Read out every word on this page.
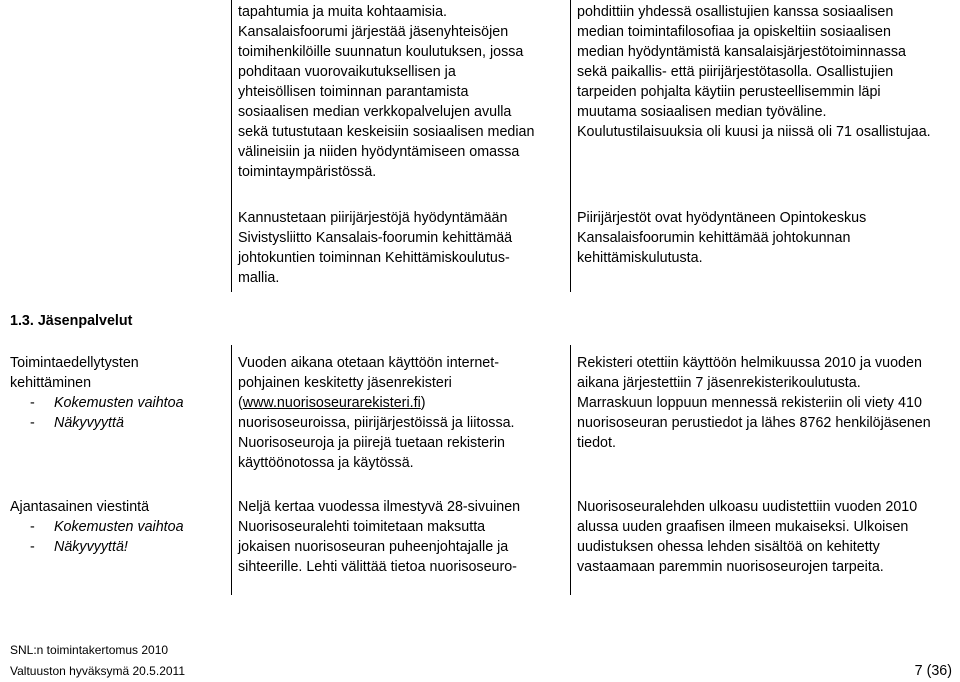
tapahtumia ja muita kohtaamisia.

Kansalaisfoorumi järjestää jäsenyhteisöjen

toimihenkilöille suunnatun koulutuksen, jossa

pohditaan vuorovaikutuksellisen ja

yhteisöllisen toiminnan parantamista

sosiaalisen median verkkopalvelujen avulla

sekä tutustutaan keskeisiin sosiaalisen median

välineisiin ja niiden hyödyntämiseen omassa

toimintaympäristössä.

pohdittiin yhdessä osallistujien kanssa sosiaalisen

median toimintafilosofiaa ja opiskeltiin sosiaalisen

median hyödyntämistä kansalaisjärjestötoiminnassa

sekä paikallis- että piirijärjestötasolla. Osallistujien

tarpeiden pohjalta käytiin perusteellisemmin läpi

muutama sosiaalisen median työväline.

Koulutustilaisuuksia oli kuusi ja niissä oli 71 osallistujaa.

Kannustetaan piirijärjestöjä hyödyntämään

Sivistysliitto Kansalais-foorumin kehittämää

johtokuntien toiminnan Kehittämiskoulutus-

mallia.

Piirijärjestöt ovat hyödyntäneen Opintokeskus

Kansalaisfoorumin kehittämää johtokunnan

kehittämiskulutusta.

1.3. Jäsenpalvelut

Toimintaedellytysten

kehittäminen

- Kokemusten vaihtoa

- Näkyvyyttä

Vuoden aikana otetaan käyttöön internet-

pohjainen keskitetty jäsenrekisteri

(www.nuorisoseurarekisteri.fi)

nuorisoseuroissa, piirijärjestöissä ja liitossa.

Nuorisoseuroja ja piirejä tuetaan rekisterin

käyttöönotossa ja käytössä.

Rekisteri otettiin käyttöön helmikuussa 2010 ja vuoden

aikana järjestettiin 7 jäsenrekisterikoulutusta.

Marraskuun loppuun mennessä rekisteriin oli viety 410

nuorisoseuran perustiedot ja lähes 8762 henkilöjäsenen

tiedot.

Ajantasainen viestintä

- Kokemusten vaihtoa

- Näkyvyyttä!

Neljä kertaa vuodessa ilmestyvä 28-sivuinen

Nuorisoseuralehti toimitetaan maksutta

jokaisen nuorisoseuran puheenjohtajalle ja

sihteerille. Lehti välittää tietoa nuorisoseuro-

Nuorisoseuralehden ulkoasu uudistettiin vuoden 2010

alussa uuden graafisen ilmeen mukaiseksi. Ulkoisen

uudistuksen ohessa lehden sisältöä on kehitetty

vastaamaan paremmin nuorisoseurojen tarpeita.

SNL:n toimintakertomus 2010
Valtuuston hyväksymä 20.5.2011	7 (36)
